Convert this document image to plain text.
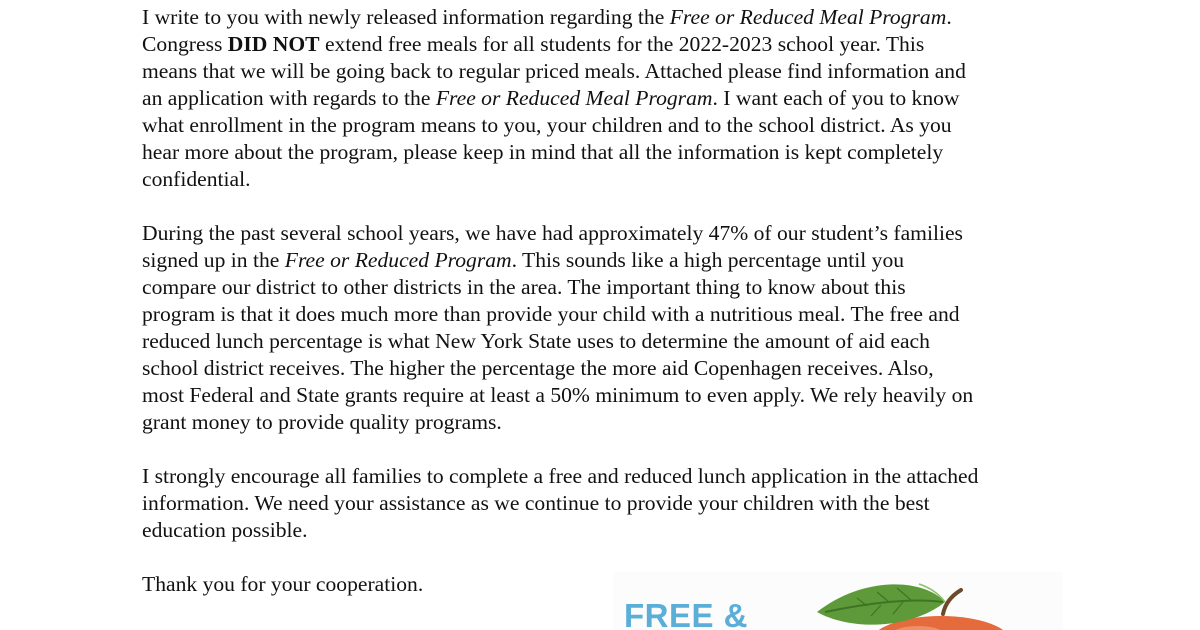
I write to you with newly released information regarding the Free or Reduced Meal Program.
Congress DID NOT extend free meals for all students for the 2022-2023 school year. This
means that we will be going back to regular priced meals. Attached please find information and
an application with regards to the Free or Reduced Meal Program. I want each of you to know
what enrollment in the program means to you, your children and to the school district. As you
hear more about the program, please keep in mind that all the information is kept completely
confidential.

During the past several school years, we have had approximately 47% of our student’s families
signed up in the Free or Reduced Program. This sounds like a high percentage until you
compare our district to other districts in the area. The important thing to know about this
program is that it does much more than provide your child with a nutritious meal. The free and
reduced lunch percentage is what New York State uses to determine the amount of aid each
school district receives. The higher the percentage the more aid Copenhagen receives. Also,
most Federal and State grants require at least a 50% minimum to even apply. We rely heavily on
grant money to provide quality programs.

I strongly encourage all families to complete a free and reduced lunch application in the attached
information. We need your assistance as we continue to provide your children with the best
education possible.

Thank you for your cooperation.

FREE &
